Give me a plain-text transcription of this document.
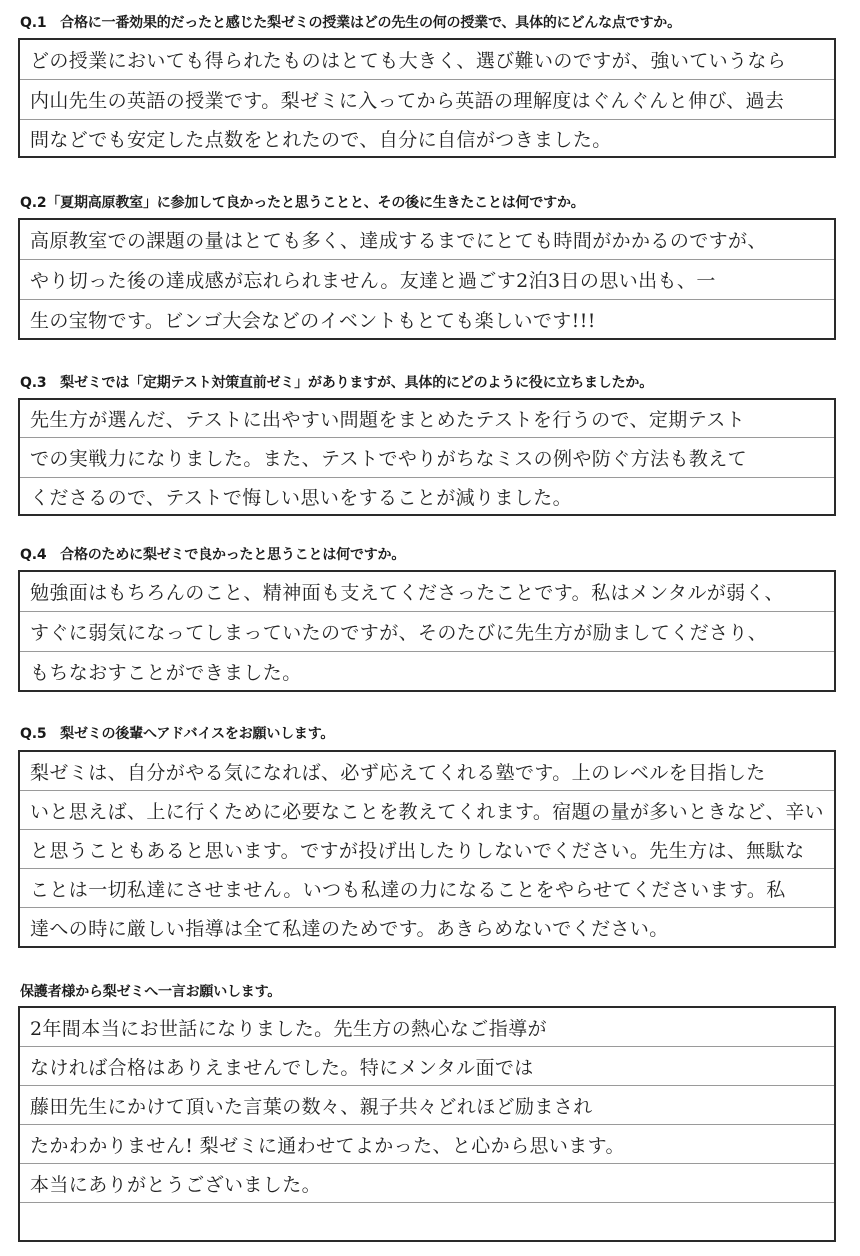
Q.1　合格に一番効果的だったと感じた梨ゼミの授業はどの先生の何の授業で、具体的にどんな点ですか。
どの授業においても得られたものはとても大きく、選び難いのですが、強いていうなら
内山先生の英語の授業です。梨ゼミに入ってから英語の理解度はぐんぐんと伸び、過去
問などでも安定した点数をとれたので、自分に自信がつきました。
Q.2「夏期高原教室」に参加して良かったと思うことと、その後に生きたことは何ですか。
高原教室での課題の量はとても多く、達成するまでにとても時間がかかるのですが、
やり切った後の達成感が忘れられません。友達と過ごす2泊3日の思い出も、一
生の宝物です。ビンゴ大会などのイベントもとても楽しいです!!!
Q.3　梨ゼミでは「定期テスト対策直前ゼミ」がありますが、具体的にどのように役に立ちましたか。
先生方が選んだ、テストに出やすい問題をまとめたテストを行うので、定期テスト
での実戦力になりました。また、テストでやりがちなミスの例や防ぐ方法も教えて
くださるので、テストで悔しい思いをすることが減りました。
Q.4　合格のために梨ゼミで良かったと思うことは何ですか。
勉強面はもちろんのこと、精神面も支えてくださったことです。私はメンタルが弱く、
すぐに弱気になってしまっていたのですが、そのたびに先生方が励ましてくださり、
もちなおすことができました。
Q.5　梨ゼミの後輩へアドバイスをお願いします。
梨ゼミは、自分がやる気になれば、必ず応えてくれる塾です。上のレベルを目指した
いと思えば、上に行くために必要なことを教えてくれます。宿題の量が多いときなど、辛い
と思うこともあると思います。ですが投げ出したりしないでください。先生方は、無駄な
ことは一切私達にさせません。いつも私達の力になることをやらせてくださいます。私
達への時に厳しい指導は全て私達のためです。あきらめないでください。
保護者様から梨ゼミへ一言お願いします。
2年間本当にお世話になりました。先生方の熱心なご指導が
なければ合格はありえませんでした。特にメンタル面では
藤田先生にかけて頂いた言葉の数々、親子共々どれほど励まされ
たかわかりません! 梨ゼミに通わせてよかった、と心から思います。
本当にありがとうございました。
